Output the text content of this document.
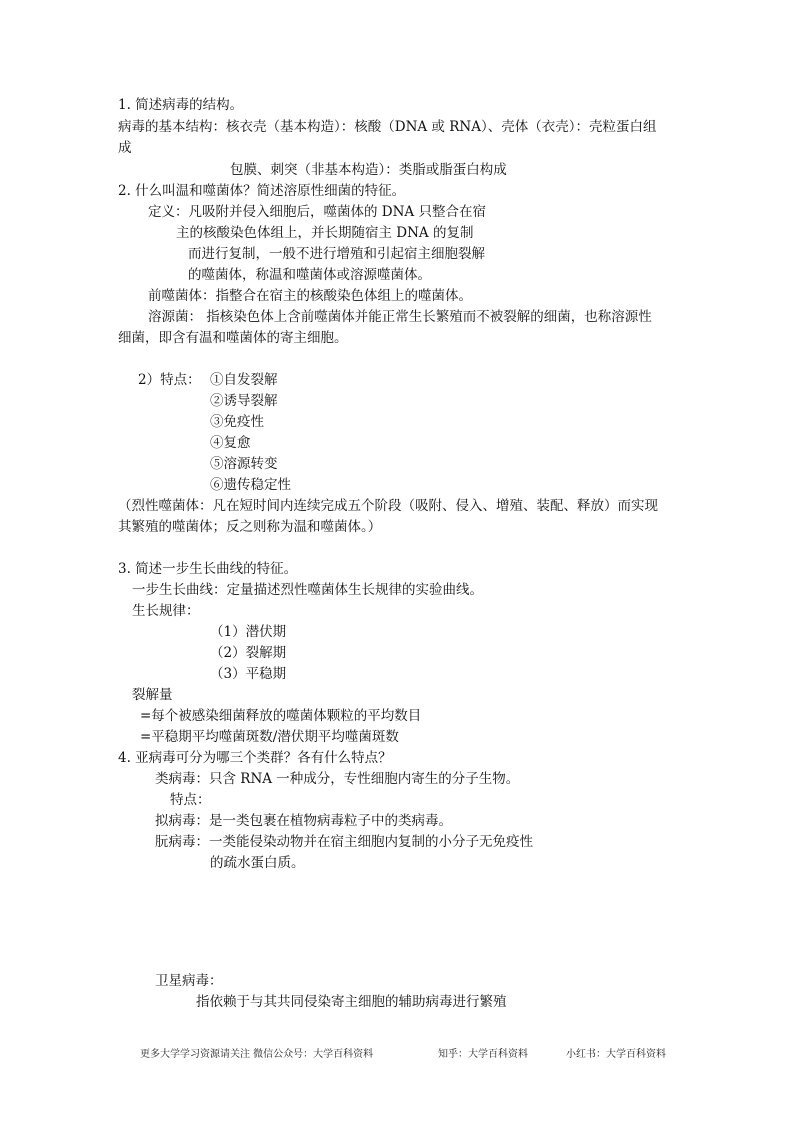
1. 简述病毒的结构。
病毒的基本结构：核衣壳（基本构造）：核酸（DNA 或 RNA）、壳体（衣壳）：壳粒蛋白组
成
包膜、刺突（非基本构造）：类脂或脂蛋白构成
2. 什么叫温和噬菌体？简述溶原性细菌的特征。
定义：凡吸附并侵入细胞后，噬菌体的 DNA 只整合在宿
主的核酸染色体组上，并长期随宿主 DNA 的复制
而进行复制，一般不进行增殖和引起宿主细胞裂解
的噬菌体，称温和噬菌体或溶源噬菌体。
前噬菌体：指整合在宿主的核酸染色体组上的噬菌体。
溶源菌： 指核染色体上含前噬菌体并能正常生长繁殖而不被裂解的细菌，也称溶源性
细菌，即含有温和噬菌体的寄主细胞。
2）特点： ①自发裂解
②诱导裂解
③免疫性
④复愈
⑤溶源转变
⑥遗传稳定性
（烈性噬菌体：凡在短时间内连续完成五个阶段（吸附、侵入、增殖、装配、释放）而实现
其繁殖的噬菌体；反之则称为温和噬菌体。）
3. 简述一步生长曲线的特征。
一步生长曲线：定量描述烈性噬菌体生长规律的实验曲线。
生长规律：
（1）潜伏期
（2）裂解期
（3）平稳期
裂解量
=每个被感染细菌释放的噬菌体颗粒的平均数目
=平稳期平均噬菌斑数/潜伏期平均噬菌斑数
4. 亚病毒可分为哪三个类群？各有什么特点？
类病毒：只含 RNA 一种成分，专性细胞内寄生的分子生物。
特点：
拟病毒：是一类包裹在植物病毒粒子中的类病毒。
朊病毒：一类能侵染动物并在宿主细胞内复制的小分子无免疫性
的疏水蛋白质。
卫星病毒：
指依赖于与其共同侵染寄主细胞的辅助病毒进行繁殖
更多大学学习资源请关注 微信公众号：大学百科资料	知乎：大学百科资料	小红书：大学百科资料
